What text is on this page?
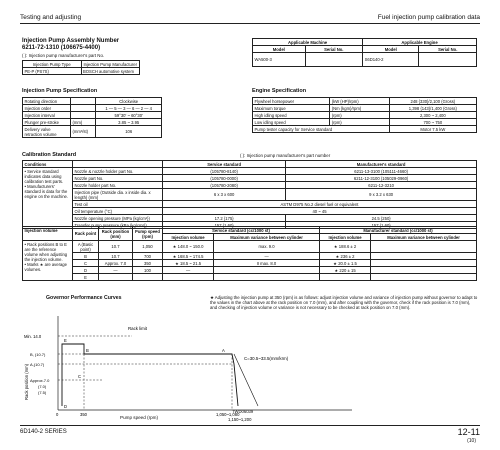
Testing and adjusting	Fuel injection pump calibration data
Injection Pump Assembly Number
6211-72-1310 (106675-4400)
( ): Injection pump manufacturer's part No.
Injection Pump Type	Injection Pump Manufacturer
PE-P (PS7S)	BOSCH automotive system
Applicable Machine		Applicable Engine	
Model	Serial No.	Model	Serial No.
WA500-3		S6D140-2	
Injection Pump Specification
Rotating direction		Clockwise
Injection order		1 — 5 — 3 — 6 — 2 — 4
Injection interval		59°30' ~ 60°30'
Plunger pre-stroke	(mm)	3.85 ~ 3.95
Delivery valve retraction volume	(mm³/st)	106
Engine Specification
Flywheel horsepower	(kW {HP}/rpm)	248 {330}/2,100 (Gross)
Maximum torque	(Nm {kgm}/rpm)	1,398 {143}/1,400 (Gross)
High idling speed	(rpm)	2,300 ~ 2,400
Low idling speed	(rpm)	700 ~ 750
Pump tester capacity for Service standard		Motor 7.5 kW
Calibration Standard	( ): Injection pump manufacturer's part number
Conditions		Service standard	Manufacturer's standard

• Service standard indicates data using calibration test parts.
• Manufacturers' standard is data for the engine on the machine.	Nozzle & nozzle holder part No.	(105780-8140)	6211-13-3100 (105111-4660)
	Nozzle part No.	(105780-0000)	6211-12-3100 (105029-0960)
	Nozzle holder part No.	(105780-2080)	6211-12-3210
	Injection pipe (Outside dia. x inside dia. x length) (mm)	6 x 3 x 600	9 x 3.2 x 630
	Test oil	ASTM D975 No.2 diesel fuel or equivalent	
	Oil temperature (°C)	40 ~ 45	
	Nozzle opening pressure (MPa {kg/cm²})	17.2 {175}	24.5 {250}
	Transfer pump pressure (kPa {kg/cm²})	157 {1.60}	157 {1.60}
Injection volume	Rack point	Rack position (mm)	Pump speed (rpm)	Service standard (cc/1000 st)		Manufacturer standard (cc/1000 st)	
				Injection volume	Maximum variance between cylinder	Injection volume	Maximum variance between cylinder

• Rack positions B to E are the reference volume when adjusting the injection volume.
• Marks ★ are average volumes.	A (Basic point)	10.7	1,050	★ 148.0 ~ 150.0	max. 9.0	★ 188.6 ± 2	
	B	10.7	700	★ 168.5 ~ 174.5	—	★ 236 ± 2	
	C	Approx. 7.0	350	★ 18.5 ~ 21.5	Ⅱ max. 8.0	★ 20.0 ± 1.5	
	D	—	100	—		★ 220 ± 15	
	E						
Governor Performance Curves	★ Adjusting the injection pump at 350 (rpm) is as follows: adjust injection volume and variance of injection pump without governor to adapt to the values in the chart above at the rack position on 7.0 (mm), and after coupling with the governor, check if the rack position is 7.0 (mm), and checking of injection volume or variance is not necessary to be checked at rack position on 7.0 (mm).
Rack limit
Min. 14.0
B, (10.7)
A,(10.7)
Approx.7.0
(7.0)
(7.5)
Rack position (mm)
0	350	1,050~1,080
1,150~1,200
C=30.5~33.5(mm/krm)
E
B	A
C
D
Pump speed (rpm)
TWD06039
6D140-2 SERIES	12-11
(10)
